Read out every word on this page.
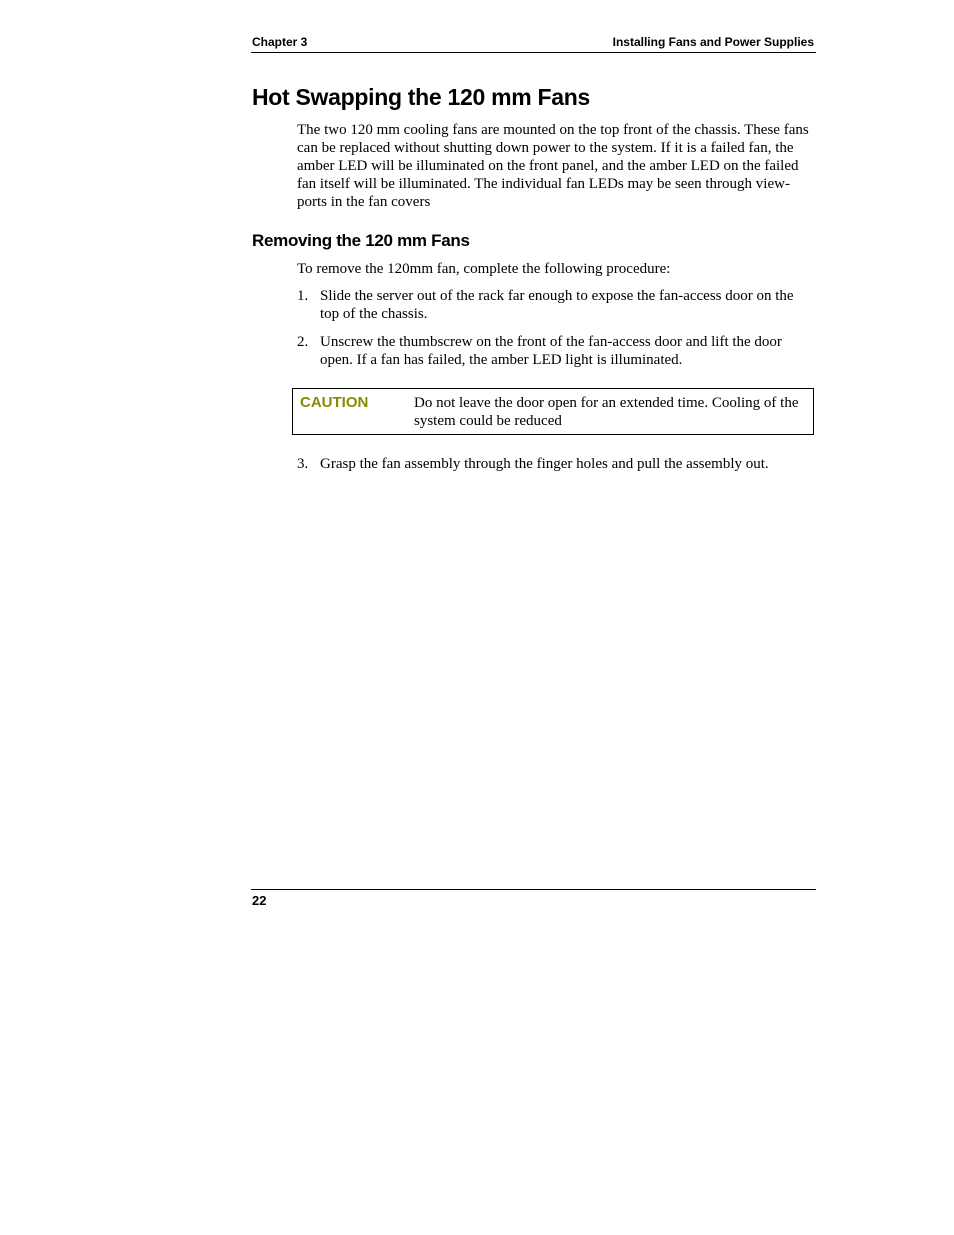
Chapter 3	Installing Fans and Power Supplies
Hot Swapping the 120 mm Fans

The two 120 mm cooling fans are mounted on the top front of the chassis. These fans can be replaced without shutting down power to the system. If it is a failed fan, the amber LED will be illuminated on the front panel, and the amber LED on the failed fan itself will be illuminated. The individual fan LEDs may be seen through view-ports in the fan covers

Removing the 120 mm Fans

To remove the 120mm fan, complete the following procedure:

1. Slide the server out of the rack far enough to expose the fan-access door on the top of the chassis.
2. Unscrew the thumbscrew on the front of the fan-access door and lift the door open. If a fan has failed, the amber LED light is illuminated.
CAUTION	Do not leave the door open for an extended time. Cooling of the system could be reduced
3. Grasp the fan assembly through the finger holes and pull the assembly out.
22
